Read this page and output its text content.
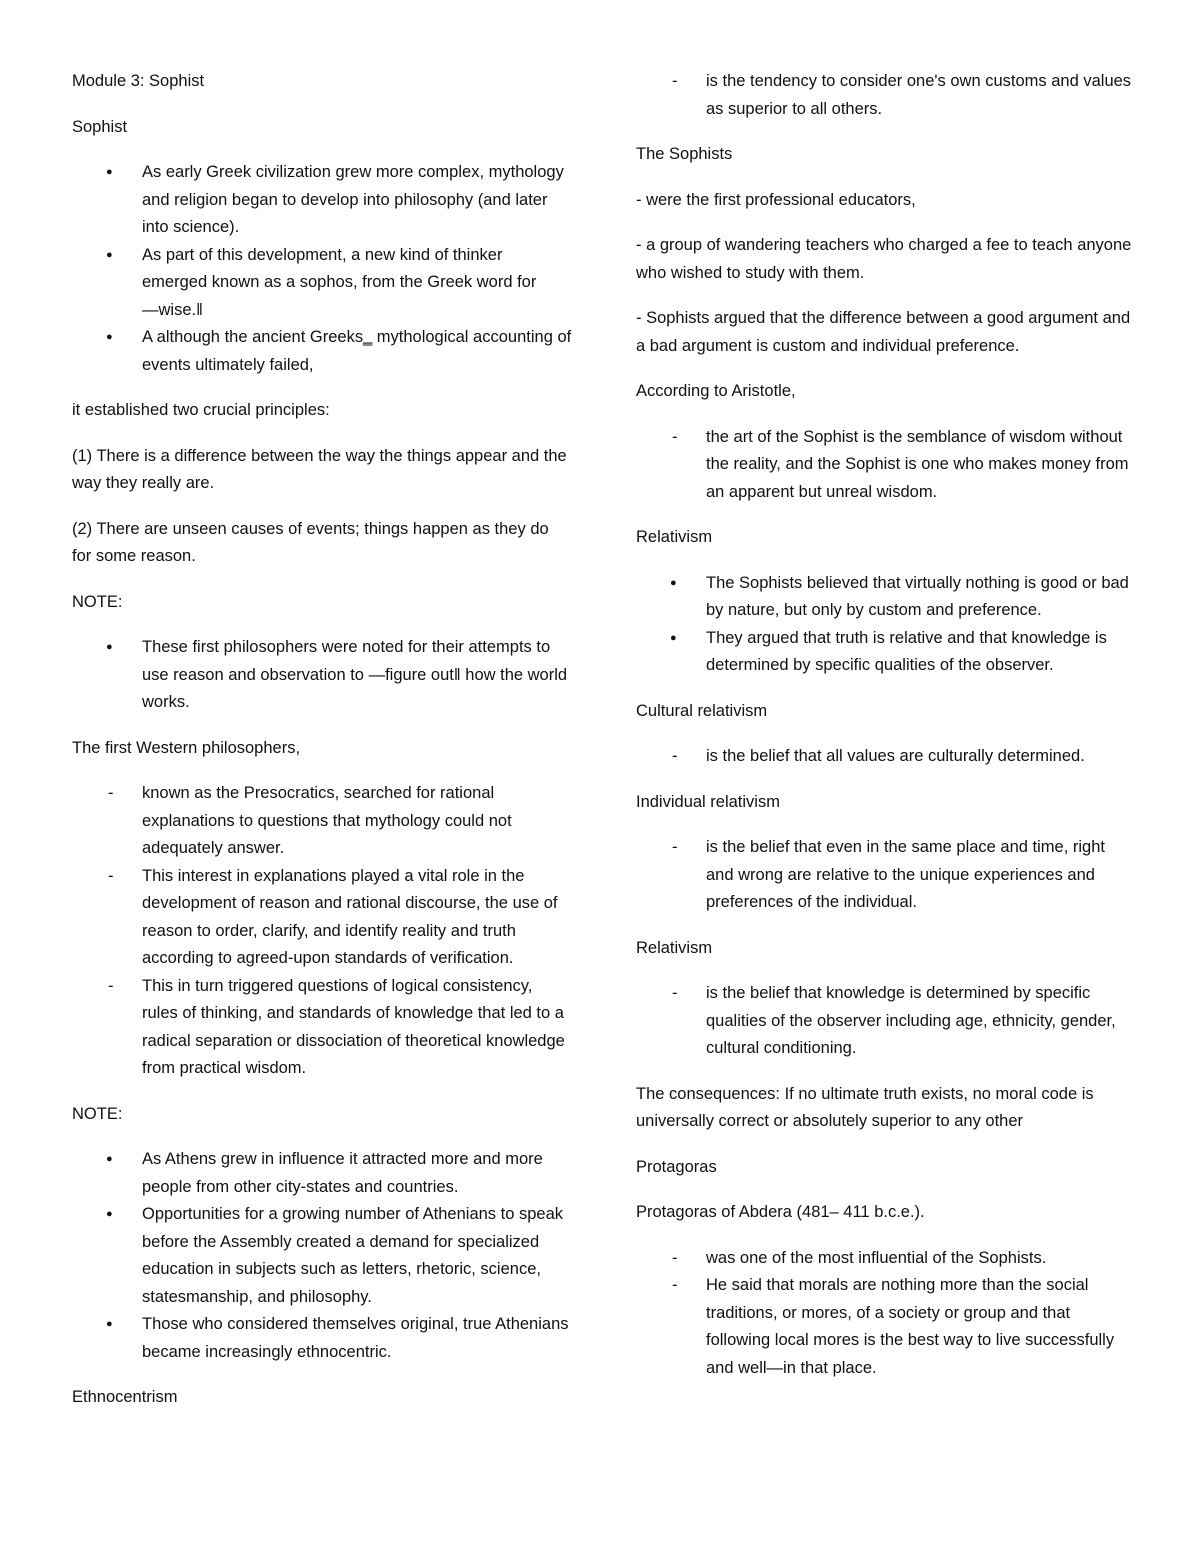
Module 3: Sophist

Sophist

● As early Greek civilization grew more complex, mythology and religion began to develop into philosophy (and later into science).
● As part of this development, a new kind of thinker emerged known as a sophos, from the Greek word for ―wise.‖
● A although the ancient Greeks‗ mythological accounting of events ultimately failed,

it established two crucial principles:

(1) There is a difference between the way the things appear and the way they really are.

(2) There are unseen causes of events; things happen as they do for some reason.

NOTE:

● These first philosophers were noted for their attempts to use reason and observation to ―figure out‖ how the world works.

The first Western philosophers,

- known as the Presocratics, searched for rational explanations to questions that mythology could not adequately answer.
- This interest in explanations played a vital role in the development of reason and rational discourse, the use of reason to order, clarify, and identify reality and truth according to agreed-upon standards of verification.
- This in turn triggered questions of logical consistency, rules of thinking, and standards of knowledge that led to a radical separation or dissociation of theoretical knowledge from practical wisdom.

NOTE:

● As Athens grew in influence it attracted more and more people from other city-states and countries.
● Opportunities for a growing number of Athenians to speak before the Assembly created a demand for specialized education in subjects such as letters, rhetoric, science, statesmanship, and philosophy.
● Those who considered themselves original, true Athenians became increasingly ethnocentric.

Ethnocentrism

- is the tendency to consider one's own customs and values as superior to all others.

The Sophists

- were the first professional educators,

- a group of wandering teachers who charged a fee to teach anyone who wished to study with them.

- Sophists argued that the difference between a good argument and a bad argument is custom and individual preference.

According to Aristotle,

- the art of the Sophist is the semblance of wisdom without the reality, and the Sophist is one who makes money from an apparent but unreal wisdom.

Relativism

● The Sophists believed that virtually nothing is good or bad by nature, but only by custom and preference.
● They argued that truth is relative and that knowledge is determined by specific qualities of the observer.

Cultural relativism

- is the belief that all values are culturally determined.

Individual relativism

- is the belief that even in the same place and time, right and wrong are relative to the unique experiences and preferences of the individual.

Relativism

- is the belief that knowledge is determined by specific qualities of the observer including age, ethnicity, gender, cultural conditioning.

The consequences: If no ultimate truth exists, no moral code is universally correct or absolutely superior to any other

Protagoras

Protagoras of Abdera (481– 411 b.c.e.).

- was one of the most influential of the Sophists.
- He said that morals are nothing more than the social traditions, or mores, of a society or group and that following local mores is the best way to live successfully and well—in that place.
